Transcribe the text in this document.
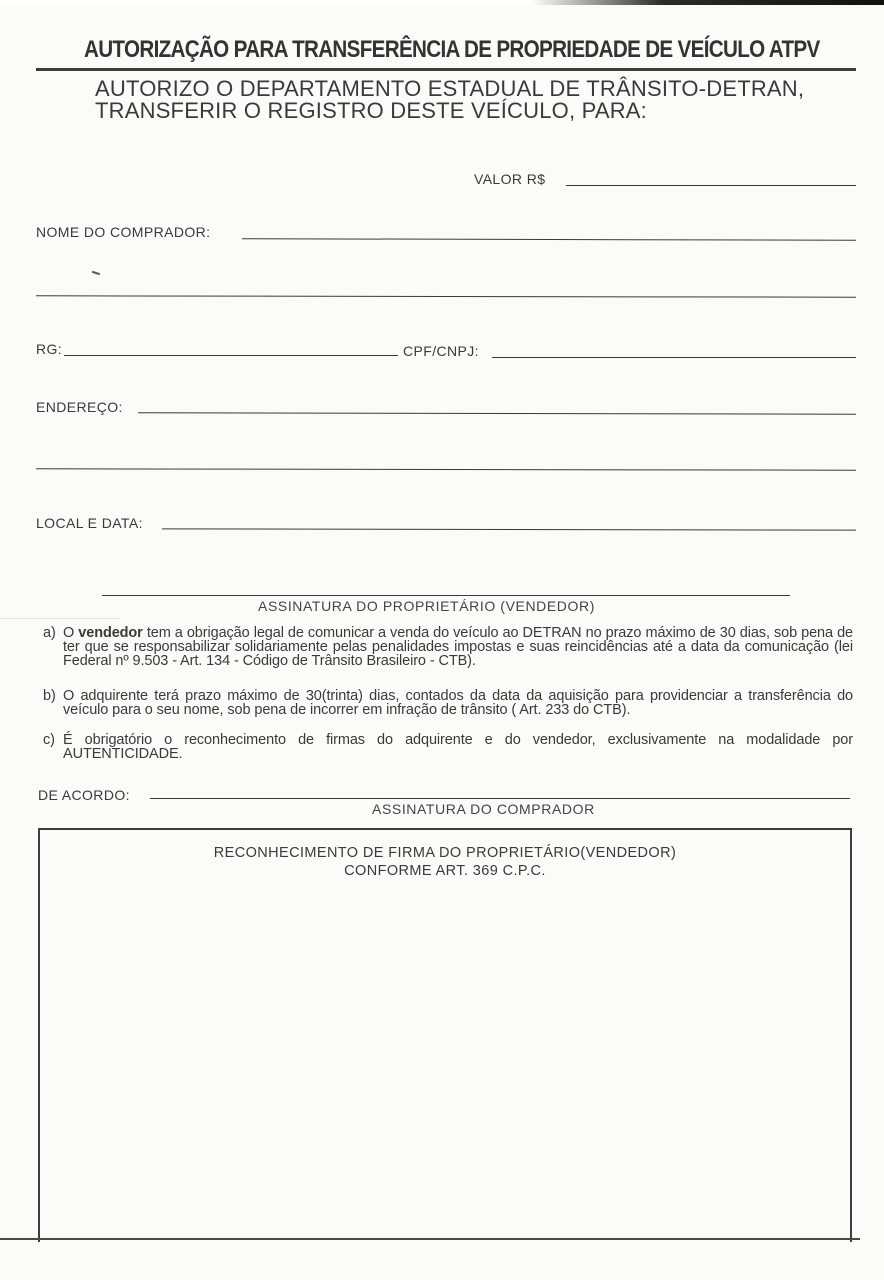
AUTORIZAÇÃO PARA TRANSFERÊNCIA DE PROPRIEDADE DE VEÍCULO ATPV
AUTORIZO O DEPARTAMENTO ESTADUAL DE TRÂNSITO-DETRAN,
TRANSFERIR O REGISTRO DESTE VEÍCULO, PARA:
VALOR R$
NOME DO COMPRADOR:
RG:	CPF/CNPJ:
ENDEREÇO:
LOCAL E DATA:
ASSINATURA DO PROPRIETÁRIO (VENDEDOR)
a) O vendedor tem a obrigação legal de comunicar a venda do veículo ao DETRAN no prazo máximo de 30 dias, sob pena de ter que se responsabilizar solidariamente pelas penalidades impostas e suas reincidências até a data da comunicação (lei Federal nº 9.503 - Art. 134 - Código de Trânsito Brasileiro - CTB).
b) O adquirente terá prazo máximo de 30(trinta) dias, contados da data da aquisição para providenciar a transferência do veículo para o seu nome, sob pena de incorrer em infração de trânsito ( Art. 233 do CTB).
c) É obrigatório o reconhecimento de firmas do adquirente e do vendedor, exclusivamente na modalidade por AUTENTICIDADE.
DE ACORDO:
ASSINATURA DO COMPRADOR
RECONHECIMENTO DE FIRMA DO PROPRIETÁRIO(VENDEDOR)
CONFORME ART. 369 C.P.C.
